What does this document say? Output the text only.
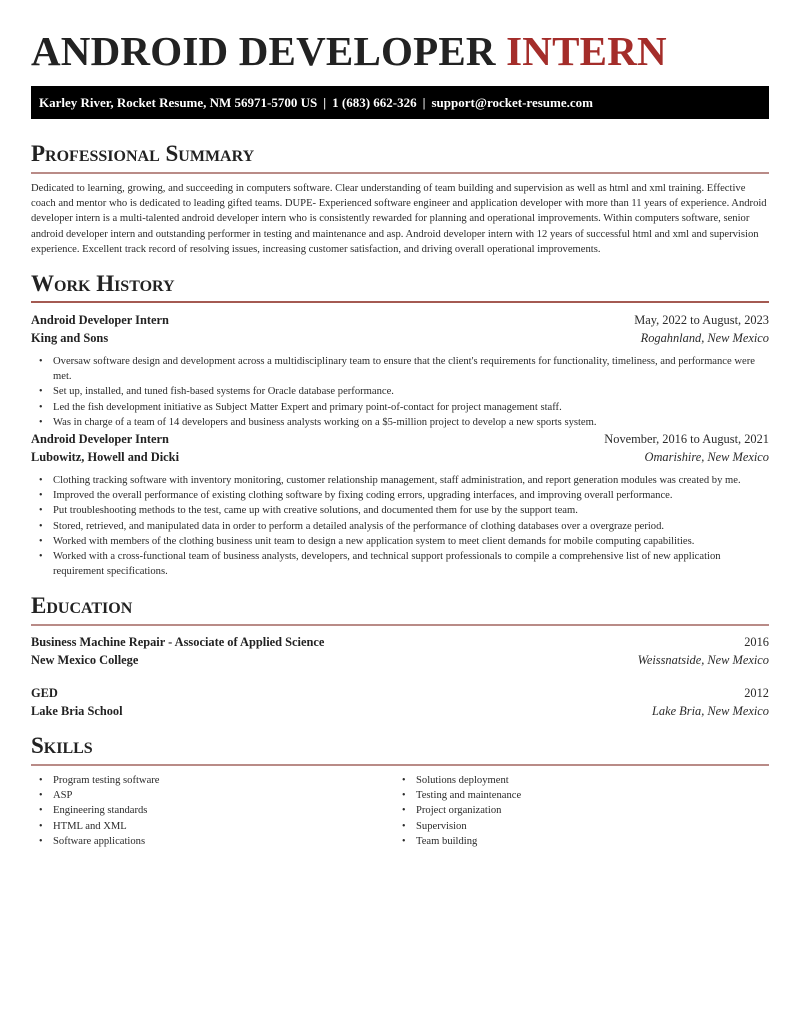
ANDROID DEVELOPER INTERN
Karley River, Rocket Resume, NM 56971-5700 US | 1 (683) 662-326 | support@rocket-resume.com
Professional Summary

Dedicated to learning, growing, and succeeding in computers software. Clear understanding of team building and supervision as well as html and xml training. Effective coach and mentor who is dedicated to leading gifted teams. DUPE- Experienced software engineer and application developer with more than 11 years of experience. Android developer intern is a multi-talented android developer intern who is consistently rewarded for planning and operational improvements. Within computers software, senior android developer intern and outstanding performer in testing and maintenance and asp. Android developer intern with 12 years of successful html and xml and supervision experience. Excellent track record of resolving issues, increasing customer satisfaction, and driving overall operational improvements.

Work History
Android Developer Intern	May, 2022 to August, 2023
King and Sons	Rogahnland, New Mexico
• Oversaw software design and development across a multidisciplinary team to ensure that the client's requirements for functionality, timeliness, and performance were met.
• Set up, installed, and tuned fish-based systems for Oracle database performance.
• Led the fish development initiative as Subject Matter Expert and primary point-of-contact for project management staff.
• Was in charge of a team of 14 developers and business analysts working on a $5-million project to develop a new sports system.
Android Developer Intern	November, 2016 to August, 2021
Lubowitz, Howell and Dicki	Omarishire, New Mexico
• Clothing tracking software with inventory monitoring, customer relationship management, staff administration, and report generation modules was created by me.
• Improved the overall performance of existing clothing software by fixing coding errors, upgrading interfaces, and improving overall performance.
• Put troubleshooting methods to the test, came up with creative solutions, and documented them for use by the support team.
• Stored, retrieved, and manipulated data in order to perform a detailed analysis of the performance of clothing databases over a overgraze period.
• Worked with members of the clothing business unit team to design a new application system to meet client demands for mobile computing capabilities.
• Worked with a cross-functional team of business analysts, developers, and technical support professionals to compile a comprehensive list of new application requirement specifications.
Education
Business Machine Repair - Associate of Applied Science	2016
New Mexico College	Weissnatside, New Mexico
GED	2012
Lake Bria School	Lake Bria, New Mexico
Skills
• Program testing software
• ASP
• Engineering standards
• HTML and XML
• Software applications
• Solutions deployment
• Testing and maintenance
• Project organization
• Supervision
• Team building
